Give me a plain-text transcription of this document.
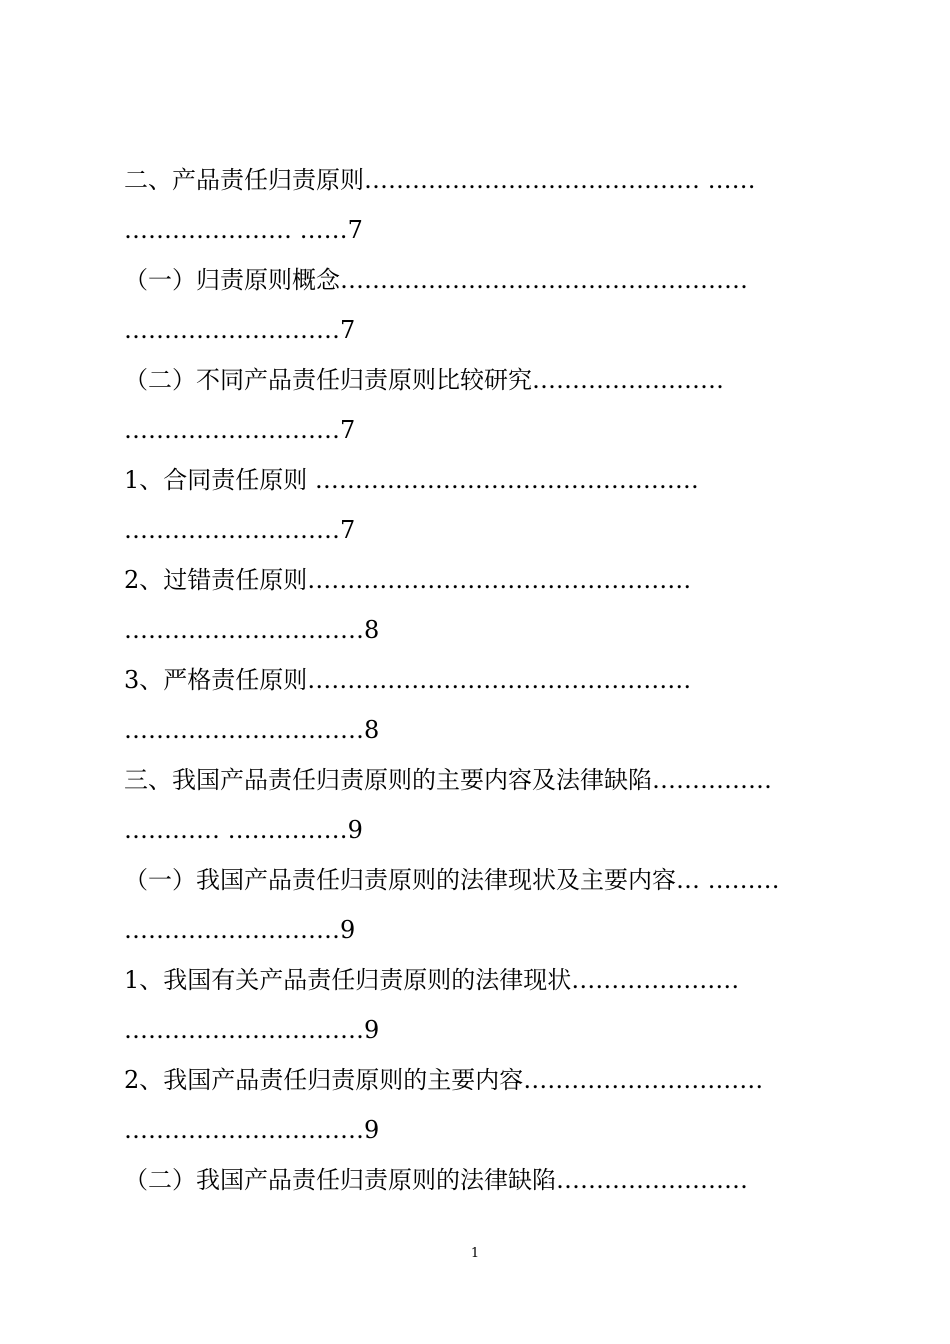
二、产品责任归责原则…………………………………… ……
………………… ……7
（一）归责原则概念……………………………………………
………………………7
（二）不同产品责任归责原则比较研究……………………
………………………7
1、合同责任原则 …………………………………………
………………………7
2、过错责任原则…………………………………………
…………………………8
3、严格责任原则…………………………………………
…………………………8
三、我国产品责任归责原则的主要内容及法律缺陷……………
………… ……………9
（一）我国产品责任归责原则的法律现状及主要内容… ………
………………………9
1、我国有关产品责任归责原则的法律现状…………………
…………………………9
2、我国产品责任归责原则的主要内容…………………………
…………………………9
（二）我国产品责任归责原则的法律缺陷……………………
1
